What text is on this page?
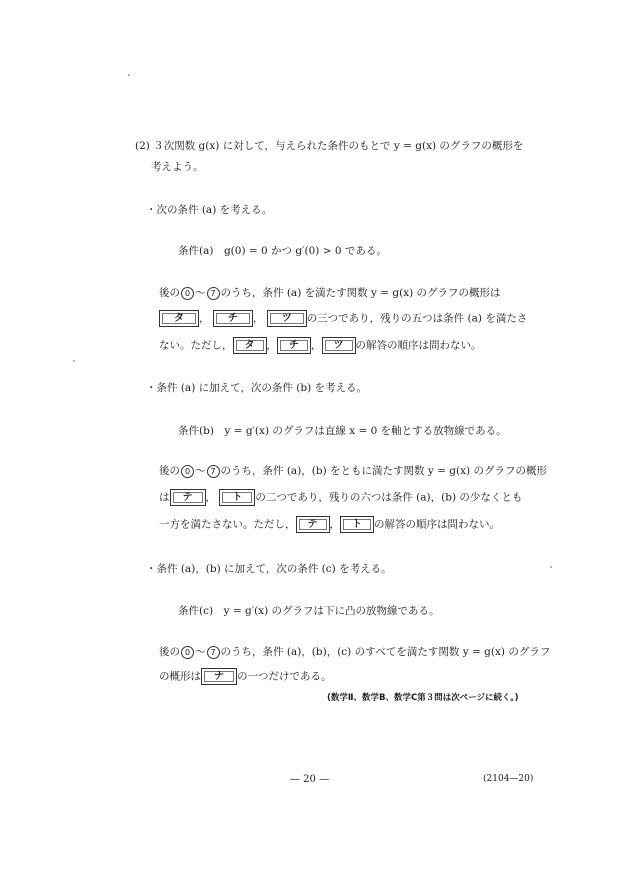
(2) ３次関数 g(x) に対して，与えられた条件のもとで y = g(x) のグラフの概形を
考えよう。
・次の条件 (a) を考える。
条件(a)　g(0) = 0 かつ g′(0) > 0 である。
後の 0 〜 7 のうち，条件 (a) を満たす関数 y = g(x) のグラフの概形は
タ ， チ ， ツ の三つであり，残りの五つは条件 (a) を満たさ
ない。ただし， タ ， チ ， ツ の解答の順序は問わない。
・条件 (a) に加えて，次の条件 (b) を考える。
条件(b)　y = g′(x) のグラフは直線 x = 0 を軸とする放物線である。
後の 0 〜 7 のうち，条件 (a)，(b) をともに満たす関数 y = g(x) のグラフの概形
は テ ， ト の二つであり，残りの六つは条件 (a)，(b) の少なくとも
一方を満たさない。ただし， テ ， ト の解答の順序は問わない。
・条件 (a)，(b) に加えて，次の条件 (c) を考える。
条件(c)　y = g′(x) のグラフは下に凸の放物線である。
後の 0 〜 7 のうち，条件 (a)，(b)，(c) のすべてを満たす関数 y = g(x) のグラフ
の概形は ナ の一つだけである。
(数学Ⅱ、数学B、数学C第３問は次ページに続く。)
— 20 —	(2104—20)
